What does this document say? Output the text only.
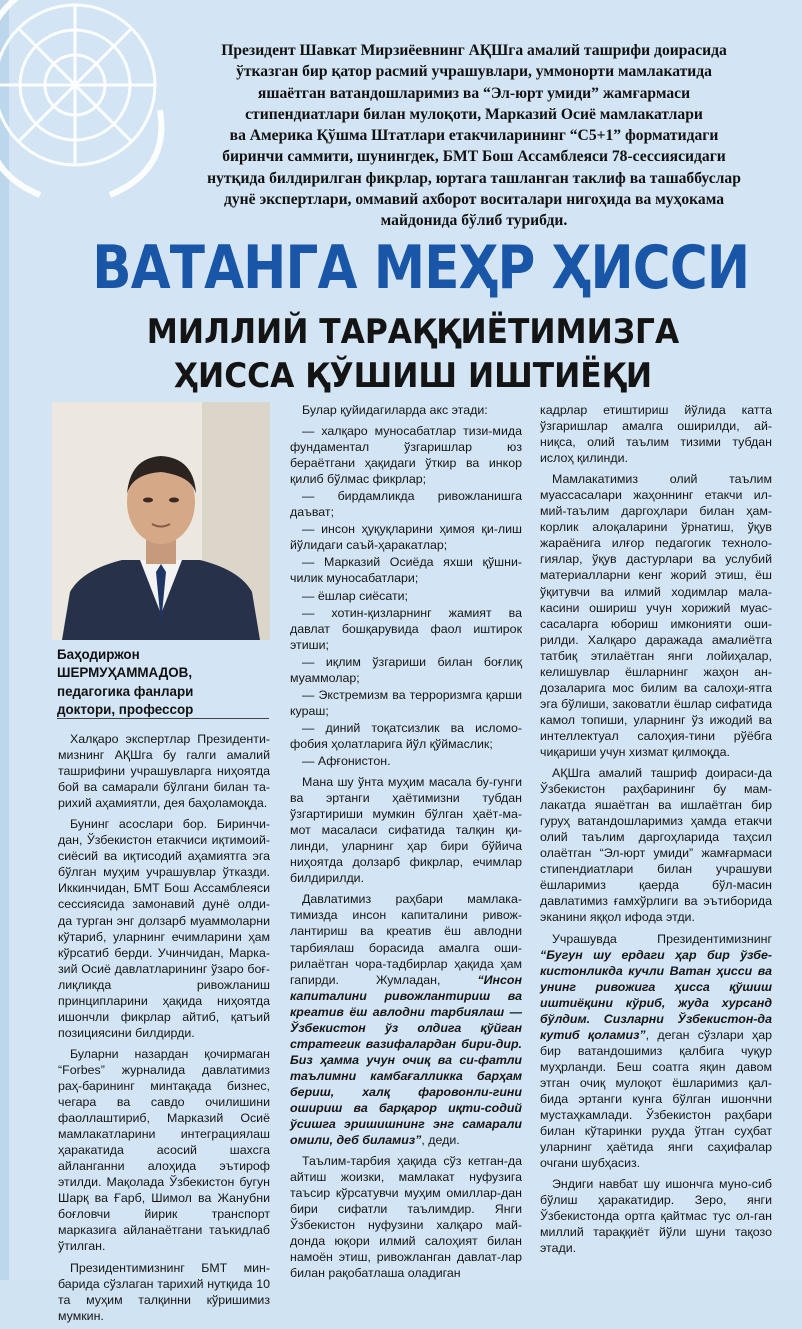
Президент Шавкат Мирзиёевнинг АҚШга амалий ташрифи доирасида

ўтказган бир қатор расмий учрашувлари, уммонорти мамлакатида

яшаётган ватандошларимиз ва “Эл-юрт умиди” жамғармаси

стипендиатлари билан мулоқоти, Марказий Осиё мамлакатлари

ва Америка Қўшма Штатлари етакчиларининг “C5+1” форматидаги

биринчи саммити, шунингдек, БМТ Бош Ассамблеяси 78-сессиясидаги

нутқида билдирилган фикрлар, юртага ташланган таклиф ва ташаббуслар

дунё экспертлари, оммавий ахборот воситалари нигоҳида ва муҳокама

майдонида бўлиб турибди.

ВАТАНГА МЕҲР ҲИССИ
МИЛЛИЙ ТАРАҚҚИЁТИМИЗГА
ҲИССА ҚЎШИШ ИШТИЁҚИ
Баҳодиржон
ШЕРМУҲАММАДОВ,
педагогика фанлари
доктори, профессор

Халқаро экспертлар Президенти-мизнинг АҚШга бу галги амалий ташрифини учрашувларга ниҳоятда бой ва самарали бўлгани билан та-рихий аҳамиятли, дея баҳоламоқда.

Бунинг асослари бор. Биринчи-дан, Ўзбекистон етакчиси иқтимоий-сиёсий ва иқтисодий аҳамиятга эга бўлган муҳим учрашувлар ўтказди. Иккинчидан, БМТ Бош Ассамблеяси сессиясида замонавий дунё олди-да турган энг долзарб муаммоларни кўтариб, уларнинг ечимларини ҳам кўрсатиб берди. Учинчидан, Марка-зий Осиё давлатларининг ўзаро боғ-лиқликда ривожланиш принципларини ҳақида ниҳоятда ишончли фикрлар айтиб, қатъий позициясини билдирди.

Буларни назардан қочирмаган “Forbes” журналида давлатимиз раҳ-барининг минтақада бизнес, чегара ва савдо очилишини фаоллаштириб, Марказий Осиё мамлакатларини интеграциялаш ҳаракатида асосий шахсга айланганни алоҳида эътироф этилди. Мақолада Ўзбекистон бугун Шарқ ва Ғарб, Шимол ва Жанубни боғловчи йирик транспорт марказига айланаётгани таъкидлаб ўтилган.

Президентимизнинг БМТ мин-барида сўзлаган тарихий нутқида 10 та муҳим талқинни кўришимиз мумкин.

Булар қуйидагиларда акс этади:

— халқаро муносабатлар тизи-мида фундаментал ўзгаришлар юз бераётгани ҳақидаги ўткир ва инкор қилиб бўлмас фикрлар;

— бирдамликда ривожланишга даъват;

— инсон ҳуқуқларини ҳимоя қи-лиш йўлидаги саъй-ҳаракатлар;

— Марказий Осиёда яхши қўшни-чилик муносабатлари;

— ёшлар сиёсати;

— хотин-қизларнинг жамият ва давлат бошқарувида фаол иштирок этиши;

— иқлим ўзгариши билан боғлиқ муаммолар;

— Экстремизм ва терроризмга қарши кураш;

— диний тоқатсизлик ва исломо-фобия ҳолатларига йўл қўймаслик;

— Афғонистон.

Мана шу ўнта муҳим масала бу-гунги ва эртанги ҳаётимизни тубдан ўзгартириши мумкин бўлган ҳаёт-ма-мот масаласи сифатида талқин қи-линди, уларнинг ҳар бири бўйича ниҳоятда долзарб фикрлар, ечимлар билдирилди.

Давлатимиз раҳбари мамлака-тимизда инсон капиталини ривож-лантириш ва креатив ёш авлодни тарбиялаш борасида амалга оши-рилаётган чора-тадбирлар ҳақида ҳам гапирди. Жумладан, “Инсон капиталини ривожлантириш ва креатив ёш авлодни тарбиялаш — Ўзбекистон ўз олдига қўйган стратегик вазифалардан бири-дир. Биз ҳамма учун очиқ ва си-фатли таълимни камбағалликка барҳам бериш, халқ фаровонли-гини ошириш ва барқарор иқти-содий ўсишга эришишнинг энг самарали омили, деб биламиз”, деди.

Таълим-тарбия ҳақида сўз кетган-да айтиш жоизки, мамлакат нуфузига таъсир кўрсатувчи муҳим омиллар-дан бири сифатли таълимдир. Янги Ўзбекистон нуфузини халқаро май-донда юқори илмий салоҳият билан намоён этиш, ривожланган давлат-лар билан рақобатлаша оладиган

кадрлар етиштириш йўлида катта ўзгаришлар амалга оширилди, ай-ниқса, олий таълим тизими тубдан ислоҳ қилинди.

Мамлакатимиз олий таълим муассасалари жаҳоннинг етакчи ил-мий-таълим даргоҳлари билан ҳам-корлик алоқаларини ўрнатиш, ўқув жараёнига илғор педагогик техноло-гиялар, ўқув дастурлари ва услубий материалларни кенг жорий этиш, ёш ўқитувчи ва илмий ходимлар мала-касини ошириш учун хорижий муас-сасаларга юбориш имконияти оши-рилди. Халқаро даражада амалиётга татбиқ этилаётган янги лойиҳалар, келишувлар ёшларнинг жаҳон ан-дозаларига мос билим ва салоҳи-ятга эга бўлиши, заковатли ёшлар сифатида камол топиши, уларнинг ўз ижодий ва интеллектуал салоҳия-тини рўёбга чиқариши учун хизмат қилмоқда.

АҚШга амалий ташриф доираси-да Ўзбекистон раҳбарининг бу мам-лакатда яшаётган ва ишлаётган бир гуруҳ ватандошларимиз ҳамда етакчи олий таълим даргоҳларида таҳсил олаётган “Эл-юрт умиди” жамғармаси стипендиатлари билан учрашуви ёшларимиз қаерда бўл-масин давлатимиз ғамхўрлиги ва эътиборида эканини яққол ифода этди.

Учрашувда Президентимизнинг “Бугун шу ердаги ҳар бир ўзбе-кистонликда кучли Ватан ҳисси ва унинг ривожига ҳисса қўшиш иштиёқини кўриб, жуда хурсанд бўлдим. Сизларни Ўзбекистон-да кутиб қоламиз”, деган сўзлари ҳар бир ватандошимиз қалбига чуқур муҳрланди. Беш соатга яқин давом этган очиқ мулоқот ёшларимиз қал-бида эртанги кунга бўлган ишончни мустаҳкамлади. Ўзбекистон раҳбари билан кўтаринки руҳда ўтган суҳбат уларнинг ҳаётида янги саҳифалар очгани шубҳасиз.

Эндиги навбат шу ишончга муно-сиб бўлиш ҳаракатидир. Зеро, янги Ўзбекистонда ортга қайтмас тус ол-ган миллий тараққиёт йўли шуни тақозо этади.
